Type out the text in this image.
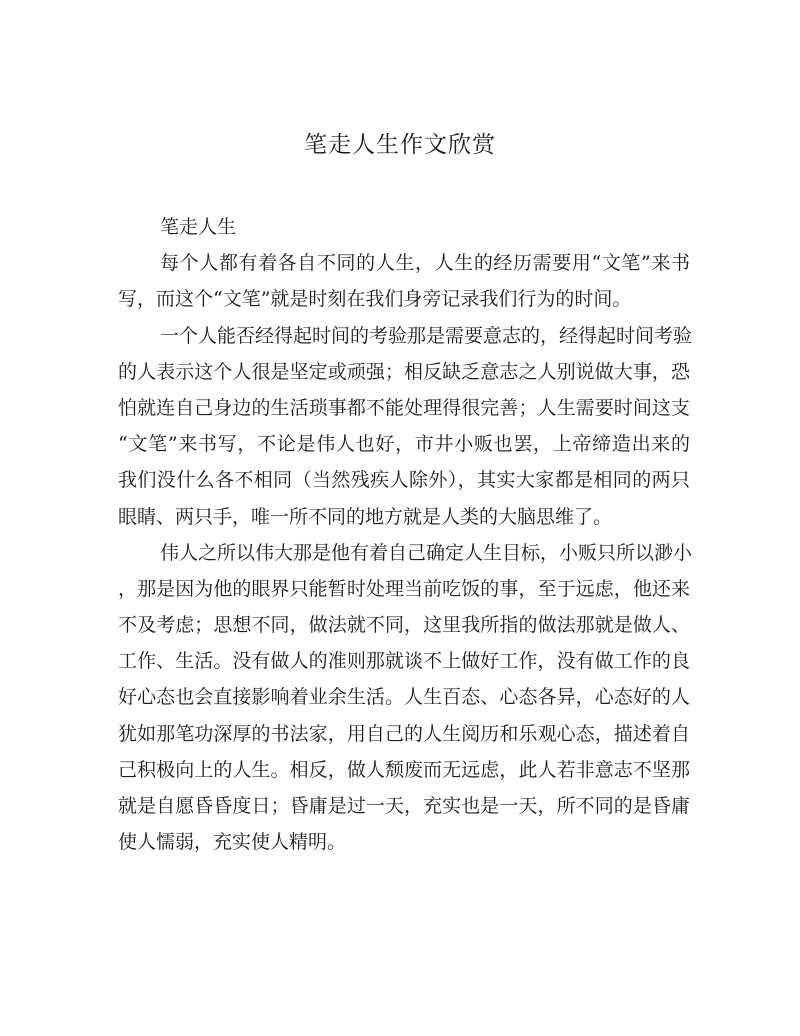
笔走人生作文欣赏
笔走人生
每个人都有着各自不同的人生，人生的经历需要用“文笔”来书
写，而这个“文笔”就是时刻在我们身旁记录我们行为的时间。
一个人能否经得起时间的考验那是需要意志的，经得起时间考验
的人表示这个人很是坚定或顽强；相反缺乏意志之人别说做大事，恐
怕就连自己身边的生活琐事都不能处理得很完善；人生需要时间这支
“文笔”来书写，不论是伟人也好，市井小贩也罢，上帝缔造出来的
我们没什么各不相同（当然残疾人除外），其实大家都是相同的两只
眼睛、两只手，唯一所不同的地方就是人类的大脑思维了。
伟人之所以伟大那是他有着自己确定人生目标，小贩只所以渺小
，那是因为他的眼界只能暂时处理当前吃饭的事，至于远虑，他还来
不及考虑；思想不同，做法就不同，这里我所指的做法那就是做人、
工作、生活。没有做人的准则那就谈不上做好工作，没有做工作的良
好心态也会直接影响着业余生活。人生百态、心态各异，心态好的人
犹如那笔功深厚的书法家，用自己的人生阅历和乐观心态，描述着自
己积极向上的人生。相反，做人颓废而无远虑，此人若非意志不坚那
就是自愿昏昏度日；昏庸是过一天，充实也是一天，所不同的是昏庸
使人懦弱，充实使人精明。
